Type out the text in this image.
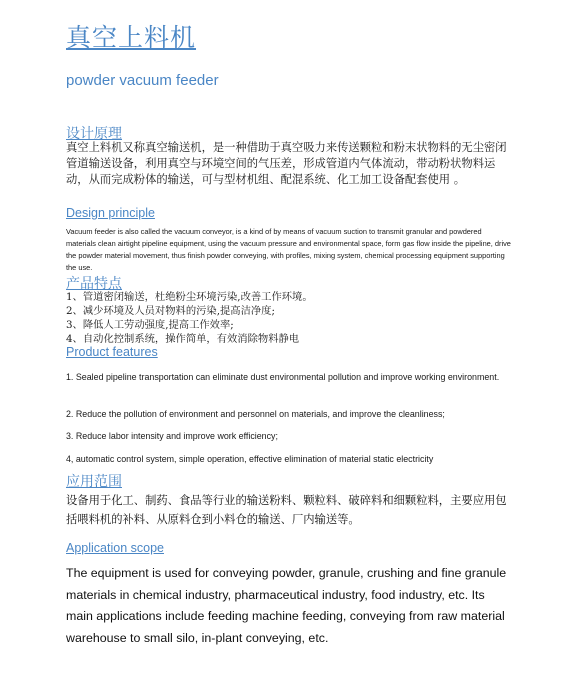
真空上料机
powder vacuum feeder
设计原理
真空上料机又称真空输送机，是一种借助于真空吸力来传送颗粒和粉末状物料的无尘密闭管道输送设备，利用真空与环境空间的气压差，形成管道内气体流动，带动粉状物料运动，从而完成粉体的输送，可与型材机组、配混系统、化工加工设备配套使用 。
Design principle
Vacuum feeder is also called the vacuum conveyor, is a kind of by means of vacuum suction to transmit granular and powdered materials clean airtight pipeline equipment, using the vacuum pressure and environmental space, form gas flow inside the pipeline, drive the powder material movement, thus finish powder conveying, with profiles, mixing system, chemical processing equipment supporting the use.
产品特点
1、管道密闭输送，杜绝粉尘环境污染,改善工作环境。
2、减少环境及人员对物料的污染,提高洁净度;
3、降低人工劳动强度,提高工作效率;
4、自动化控制系统，操作简单，有效消除物料静电
Product features
1. Sealed pipeline transportation can eliminate dust environmental pollution and improve working environment.
2. Reduce the pollution of environment and personnel on materials, and improve the cleanliness;
3. Reduce labor intensity and improve work efficiency;
4, automatic control system, simple operation, effective elimination of material static electricity
应用范围
设备用于化工、制药、食品等行业的输送粉料、颗粒料、破碎料和细颗粒料，主要应用包括喂料机的补料、从原料仓到小料仓的输送、厂内输送等。
Application scope
The equipment is used for conveying powder, granule, crushing and fine granule materials in chemical industry, pharmaceutical industry, food industry, etc. Its main applications include feeding machine feeding, conveying from raw material warehouse to small silo, in-plant conveying, etc.
